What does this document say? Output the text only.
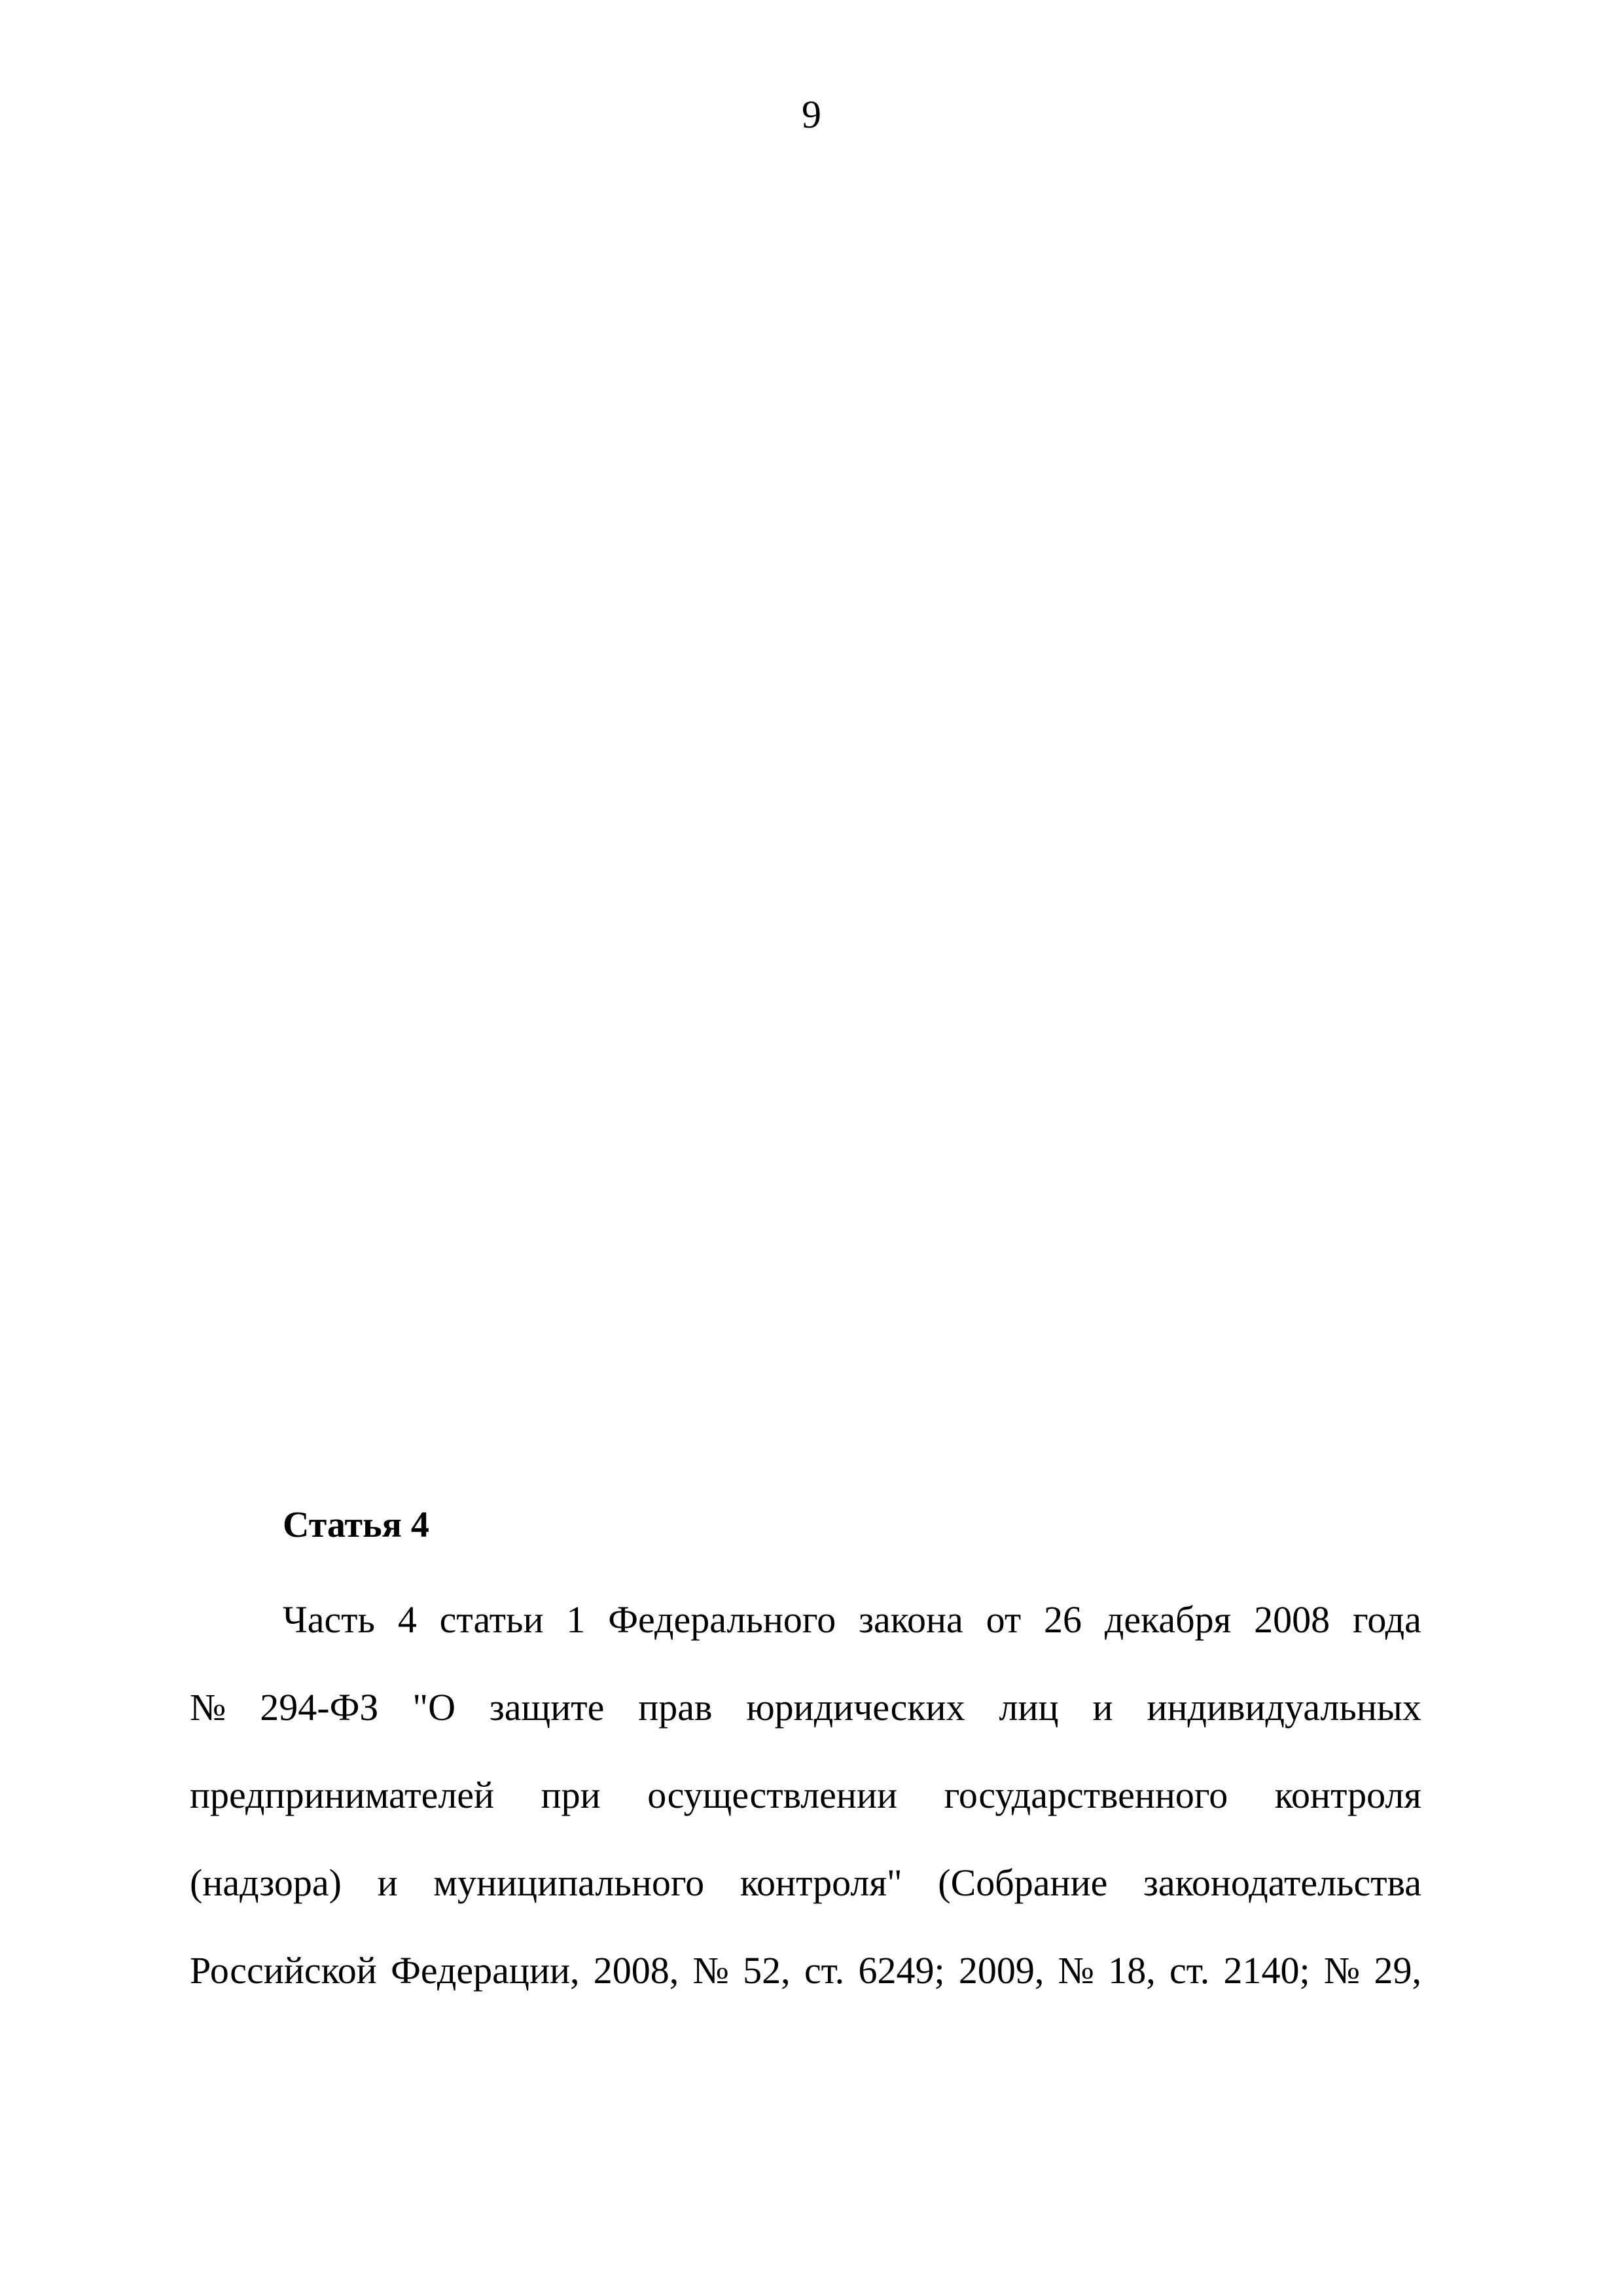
9
Статья 4
Часть 4 статьи 1 Федерального закона от 26 декабря 2008 года
№ 294-ФЗ "О защите прав юридических лиц и индивидуальных
предпринимателей при осуществлении государственного контроля
(надзора) и муниципального контроля" (Собрание законодательства
Российской Федерации, 2008, № 52, ст. 6249; 2009, № 18, ст. 2140; № 29,
